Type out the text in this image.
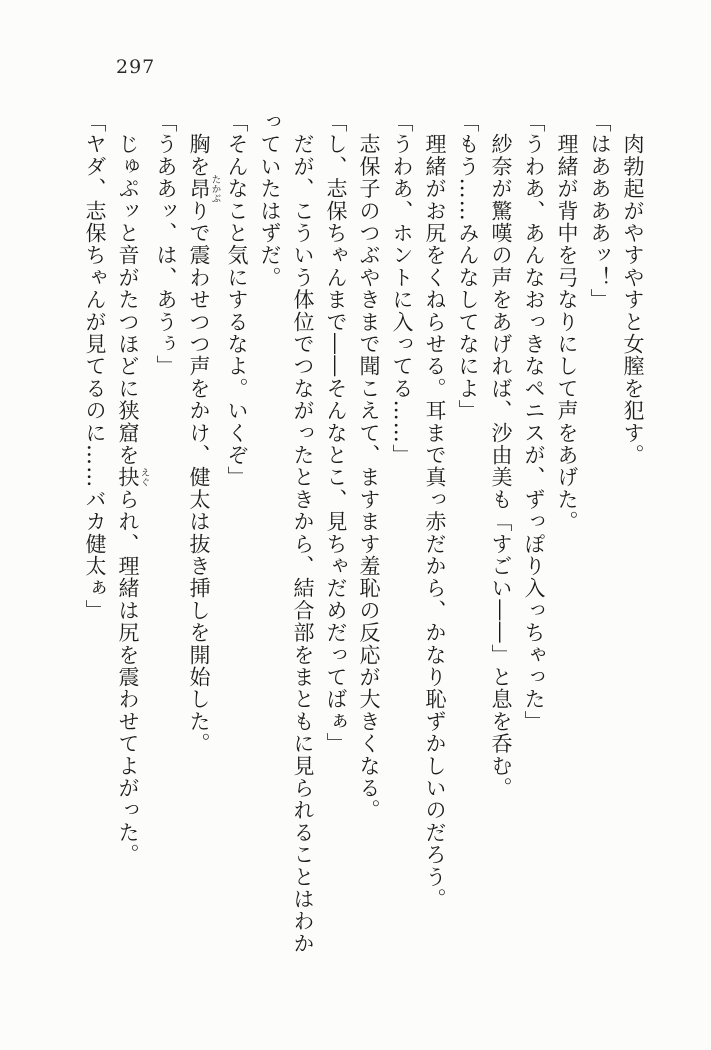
297

　肉勃起がやすやすと女膣を犯す。

「はああああッ！」

　理緒が背中を弓なりにして声をあげた。

「うわあ、あんなおっきなペニスが、ずっぽり入っちゃった」

　紗奈が驚嘆の声をあげれば、沙由美も「すごい――」と息を呑む。

「もう……みんなしてなによ」

　理緒がお尻をくねらせる。耳まで真っ赤だから、かなり恥ずかしいのだろう。

「うわあ、ホントに入ってる……」

　志保子のつぶやきまで聞こえて、ますます羞恥の反応が大きくなる。

「し、志保ちゃんまで――そんなとこ、見ちゃだめだってばぁ」

　だが、こういう体位でつながったときから、結合部をまともに見られることはわか

っていたはずだ。

「そんなこと気にするなよ。いくぞ」

　胸を昂たかぶりで震わせつつ声をかけ、健太は抜き挿しを開始した。

「うああッ、は、あうぅ」

　じゅぷッと音がたつほどに狭窟を抉えぐられ、理緒は尻を震わせてよがった。

「ヤダ、志保ちゃんが見てるのに……バカ健太ぁ」
